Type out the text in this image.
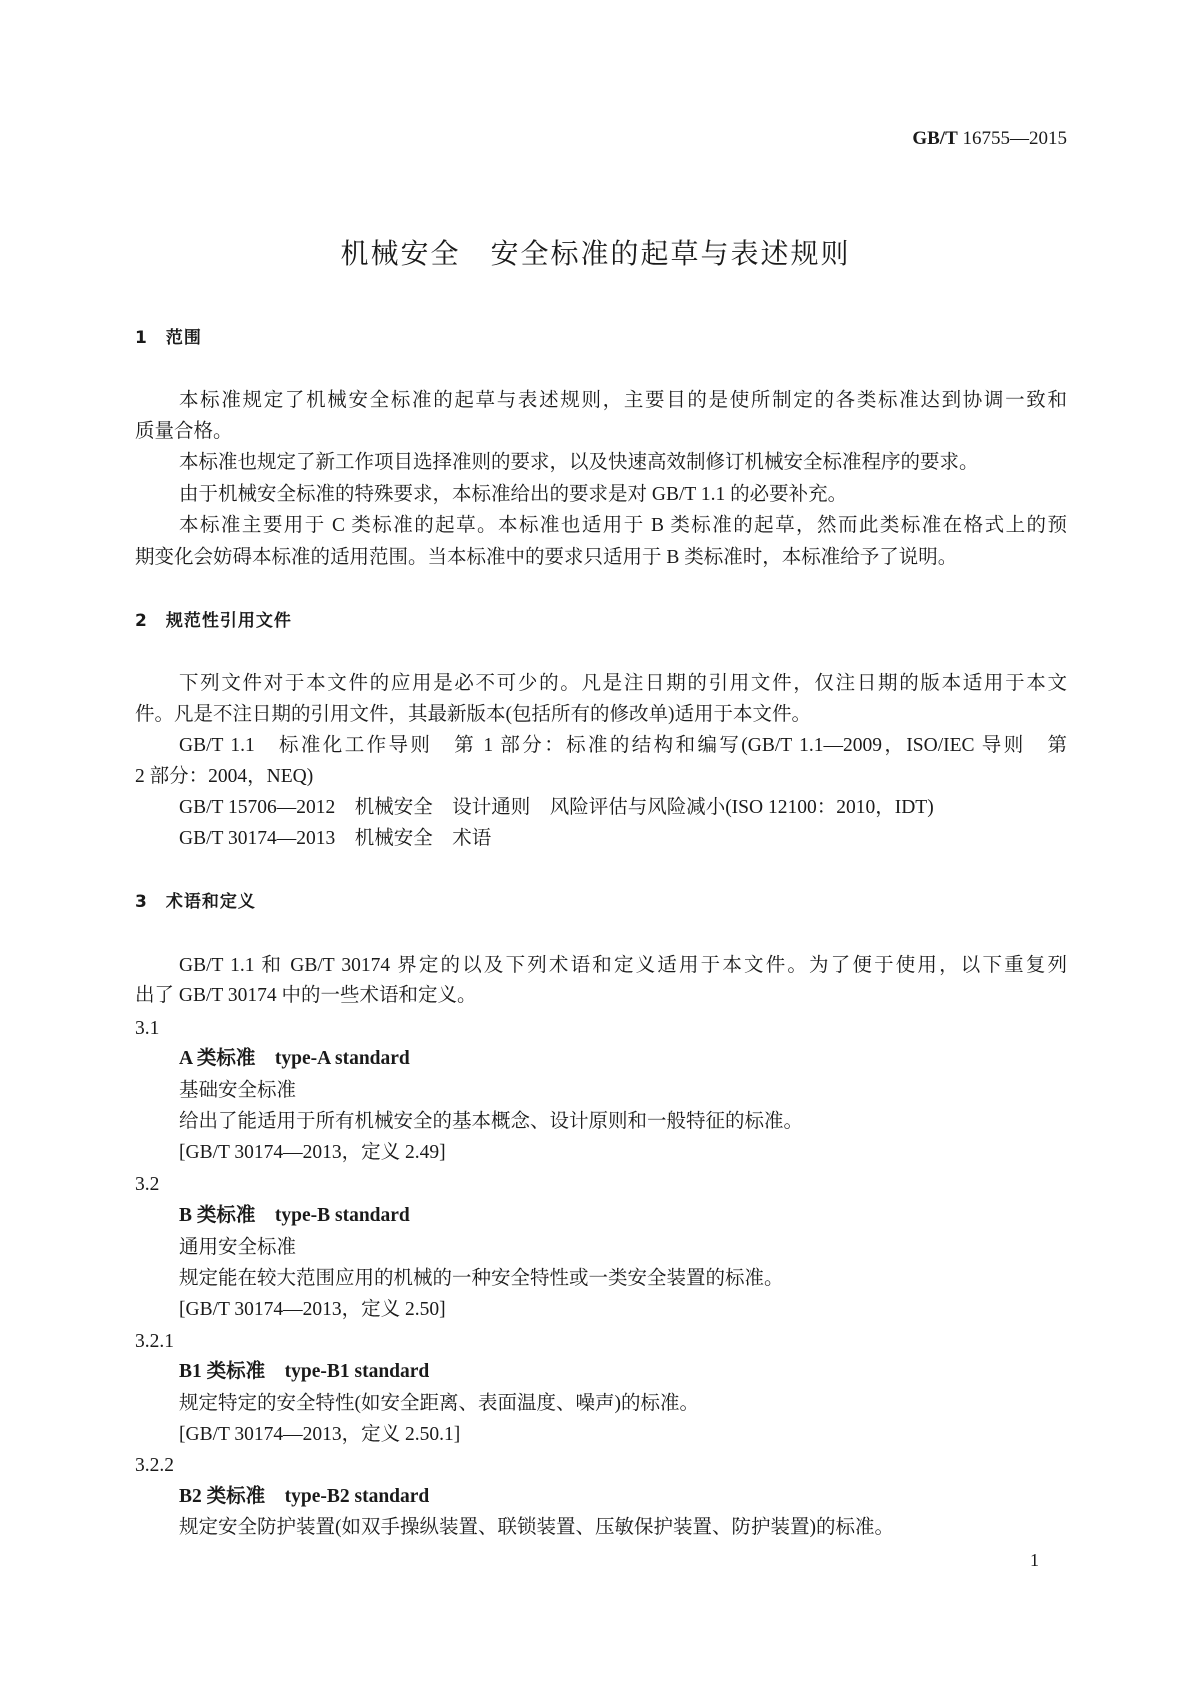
GB/T 16755—2015
机械安全　安全标准的起草与表述规则
1　范围
本标准规定了机械安全标准的起草与表述规则，主要目的是使所制定的各类标准达到协调一致和
质量合格。
本标准也规定了新工作项目选择准则的要求，以及快速高效制修订机械安全标准程序的要求。
由于机械安全标准的特殊要求，本标准给出的要求是对 GB/T 1.1 的必要补充。
本标准主要用于 C 类标准的起草。本标准也适用于 B 类标准的起草，然而此类标准在格式上的预
期变化会妨碍本标准的适用范围。当本标准中的要求只适用于 B 类标准时，本标准给予了说明。
2　规范性引用文件
下列文件对于本文件的应用是必不可少的。凡是注日期的引用文件，仅注日期的版本适用于本文
件。凡是不注日期的引用文件，其最新版本(包括所有的修改单)适用于本文件。
GB/T 1.1　标准化工作导则　第 1 部分：标准的结构和编写(GB/T 1.1—2009，ISO/IEC 导则　第
2 部分：2004，NEQ)
GB/T 15706—2012　机械安全　设计通则　风险评估与风险减小(ISO 12100：2010，IDT)
GB/T 30174—2013　机械安全　术语
3　术语和定义
GB/T 1.1 和 GB/T 30174 界定的以及下列术语和定义适用于本文件。为了便于使用，以下重复列
出了 GB/T 30174 中的一些术语和定义。
3.1
A 类标准　type-A standard
基础安全标准
给出了能适用于所有机械安全的基本概念、设计原则和一般特征的标准。
[GB/T 30174—2013，定义 2.49]
3.2
B 类标准　type-B standard
通用安全标准
规定能在较大范围应用的机械的一种安全特性或一类安全装置的标准。
[GB/T 30174—2013，定义 2.50]
3.2.1
B1 类标准　type-B1 standard
规定特定的安全特性(如安全距离、表面温度、噪声)的标准。
[GB/T 30174—2013，定义 2.50.1]
3.2.2
B2 类标准　type-B2 standard
规定安全防护装置(如双手操纵装置、联锁装置、压敏保护装置、防护装置)的标准。
1
